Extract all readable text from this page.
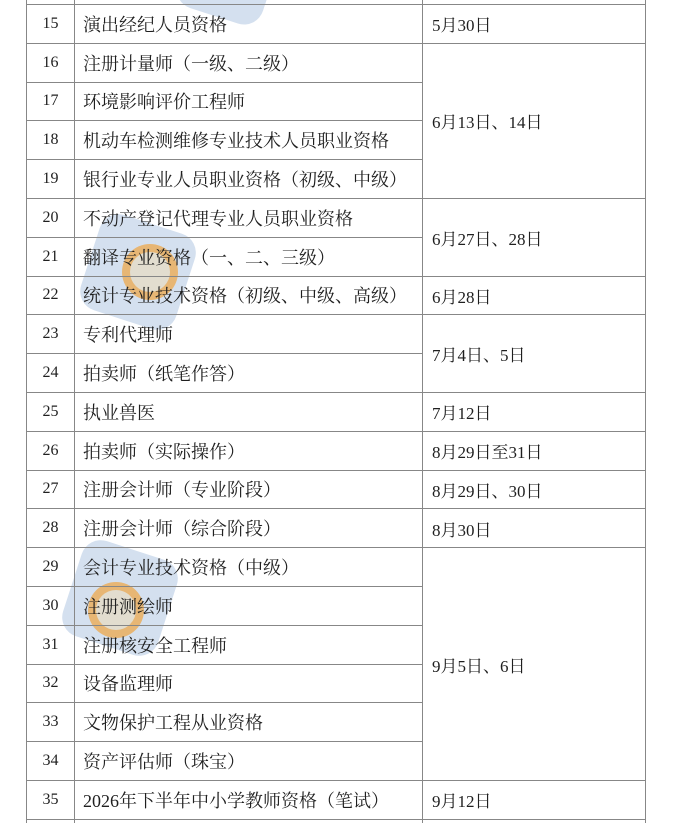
15	演出经纪人员资格	5月30日
16	注册计量师（一级、二级）	6月13日、14日
17	环境影响评价工程师	
18	机动车检测维修专业技术人员职业资格	
19	银行业专业人员职业资格（初级、中级）	
20	不动产登记代理专业人员职业资格	6月27日、28日
21	翻译专业资格（一、二、三级）	
22	统计专业技术资格（初级、中级、高级）	6月28日
23	专利代理师	7月4日、5日
24	拍卖师（纸笔作答）	
25	执业兽医	7月12日
26	拍卖师（实际操作）	8月29日至31日
27	注册会计师（专业阶段）	8月29日、30日
28	注册会计师（综合阶段）	8月30日
29	会计专业技术资格（中级）	9月5日、6日
30	注册测绘师	
31	注册核安全工程师	
32	设备监理师	
33	文物保护工程从业资格	
34	资产评估师（珠宝）	
35	2026年下半年中小学教师资格（笔试）	9月12日
